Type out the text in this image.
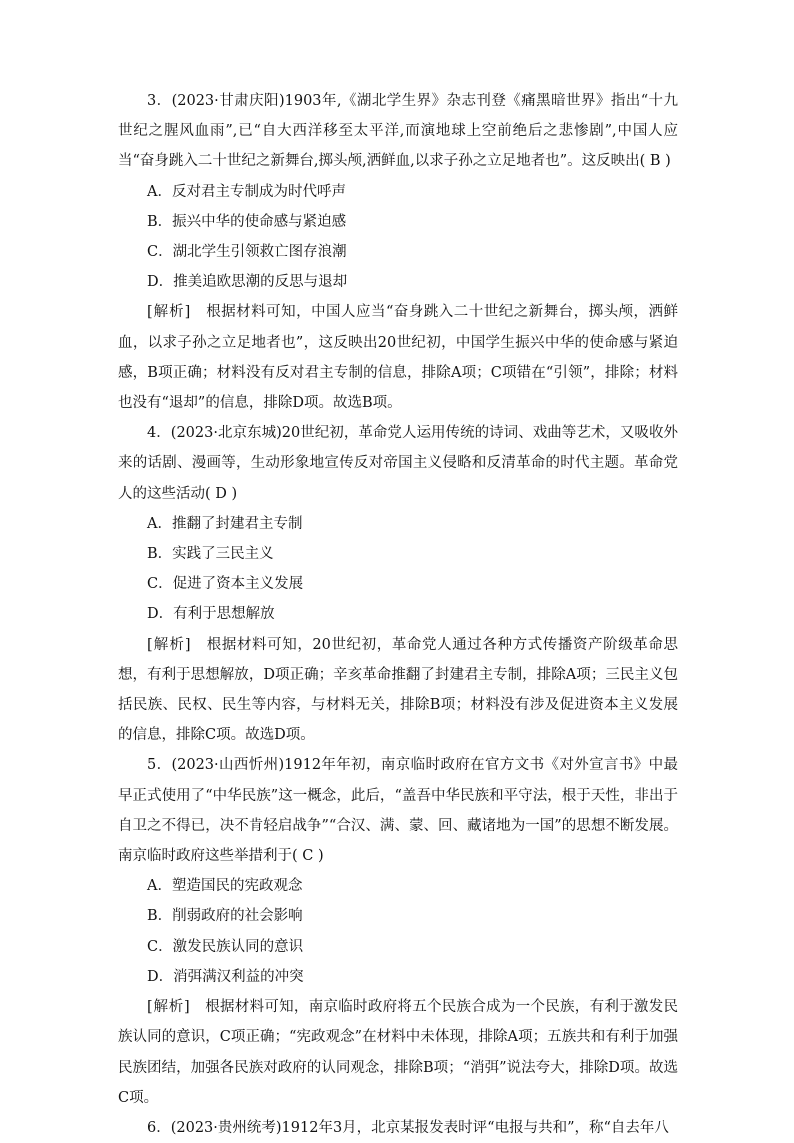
3．(2023·甘肃庆阳)1903年,《湖北学生界》杂志刊登《痛黑暗世界》指出“十九世纪之腥风血雨”,已“自大西洋移至太平洋,而演地球上空前绝后之悲惨剧”,中国人应当“奋身跳入二十世纪之新舞台,掷头颅,洒鲜血,以求子孙之立足地者也”。这反映出( B )

A．反对君主专制成为时代呼声

B．振兴中华的使命感与紧迫感

C．湖北学生引领救亡图存浪潮

D．推美追欧思潮的反思与退却

[解析]　根据材料可知，中国人应当“奋身跳入二十世纪之新舞台，掷头颅，洒鲜血，以求子孙之立足地者也”，这反映出20世纪初，中国学生振兴中华的使命感与紧迫感，B项正确；材料没有反对君主专制的信息，排除A项；C项错在“引领”，排除；材料也没有“退却”的信息，排除D项。故选B项。

4．(2023·北京东城)20世纪初，革命党人运用传统的诗词、戏曲等艺术，又吸收外来的话剧、漫画等，生动形象地宣传反对帝国主义侵略和反清革命的时代主题。革命党人的这些活动( D )

A．推翻了封建君主专制

B．实践了三民主义

C．促进了资本主义发展

D．有利于思想解放

[解析]　根据材料可知，20世纪初，革命党人通过各种方式传播资产阶级革命思想，有利于思想解放，D项正确；辛亥革命推翻了封建君主专制，排除A项；三民主义包括民族、民权、民生等内容，与材料无关，排除B项；材料没有涉及促进资本主义发展的信息，排除C项。故选D项。

5．(2023·山西忻州)1912年年初，南京临时政府在官方文书《对外宣言书》中最早正式使用了“中华民族”这一概念，此后，“盖吾中华民族和平守法，根于天性，非出于自卫之不得已，决不肯轻启战争”“合汉、满、蒙、回、藏诸地为一国”的思想不断发展。南京临时政府这些举措利于( C )

A．塑造国民的宪政观念

B．削弱政府的社会影响

C．激发民族认同的意识

D．消弭满汉利益的冲突

[解析]　根据材料可知，南京临时政府将五个民族合成为一个民族，有利于激发民族认同的意识，C项正确；“宪政观念”在材料中未体现，排除A项；五族共和有利于加强民族团结，加强各民族对政府的认同观念，排除B项；“消弭”说法夸大，排除D项。故选C项。

6．(2023·贵州统考)1912年3月，北京某报发表时评“电报与共和”，称“自去年八
